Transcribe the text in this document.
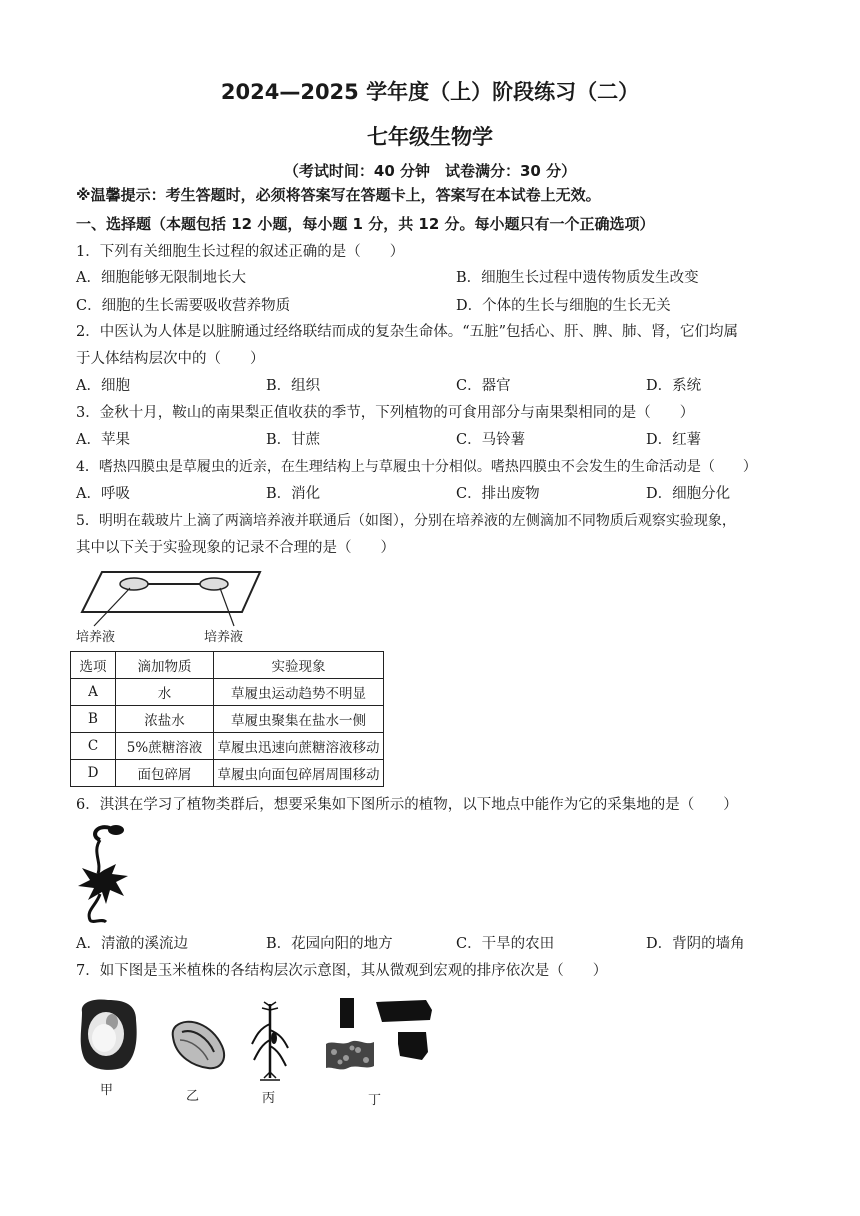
2024—2025 学年度（上）阶段练习（二）
七年级生物学
（考试时间：40 分钟　试卷满分：30 分）
※温馨提示：考生答题时，必须将答案写在答题卡上，答案写在本试卷上无效。
一、选择题（本题包括 12 小题，每小题 1 分，共 12 分。每小题只有一个正确选项）
1．下列有关细胞生长过程的叙述正确的是（　　）
A．细胞能够无限制地长大	B．细胞生长过程中遗传物质发生改变
C．细胞的生长需要吸收营养物质	D．个体的生长与细胞的生长无关
2．中医认为人体是以脏腑通过经络联结而成的复杂生命体。“五脏”包括心、肝、脾、肺、肾，它们均属
于人体结构层次中的（　　）
A．细胞	B．组织	C．器官	D．系统
3．金秋十月，鞍山的南果梨正值收获的季节，下列植物的可食用部分与南果梨相同的是（　　）
A．苹果	B．甘蔗	C．马铃薯	D．红薯
4．嗜热四膜虫是草履虫的近亲，在生理结构上与草履虫十分相似。嗜热四膜虫不会发生的生命活动是（　　）
A．呼吸	B．消化	C．排出废物	D．细胞分化
5．明明在载玻片上滴了两滴培养液并联通后（如图），分别在培养液的左侧滴加不同物质后观察实验现象，
其中以下关于实验现象的记录不合理的是（　　）
培养液	培养液
选项	滴加物质	实验现象
A	水	草履虫运动趋势不明显
B	浓盐水	草履虫聚集在盐水一侧
C	5%蔗糖溶液	草履虫迅速向蔗糖溶液移动
D	面包碎屑	草履虫向面包碎屑周围移动
6．淇淇在学习了植物类群后，想要采集如下图所示的植物，以下地点中能作为它的采集地的是（　　）
A．清澈的溪流边	B．花园向阳的地方	C．干旱的农田	D．背阴的墙角
7．如下图是玉米植株的各结构层次示意图，其从微观到宏观的排序依次是（　　）
甲	乙	丙	丁
